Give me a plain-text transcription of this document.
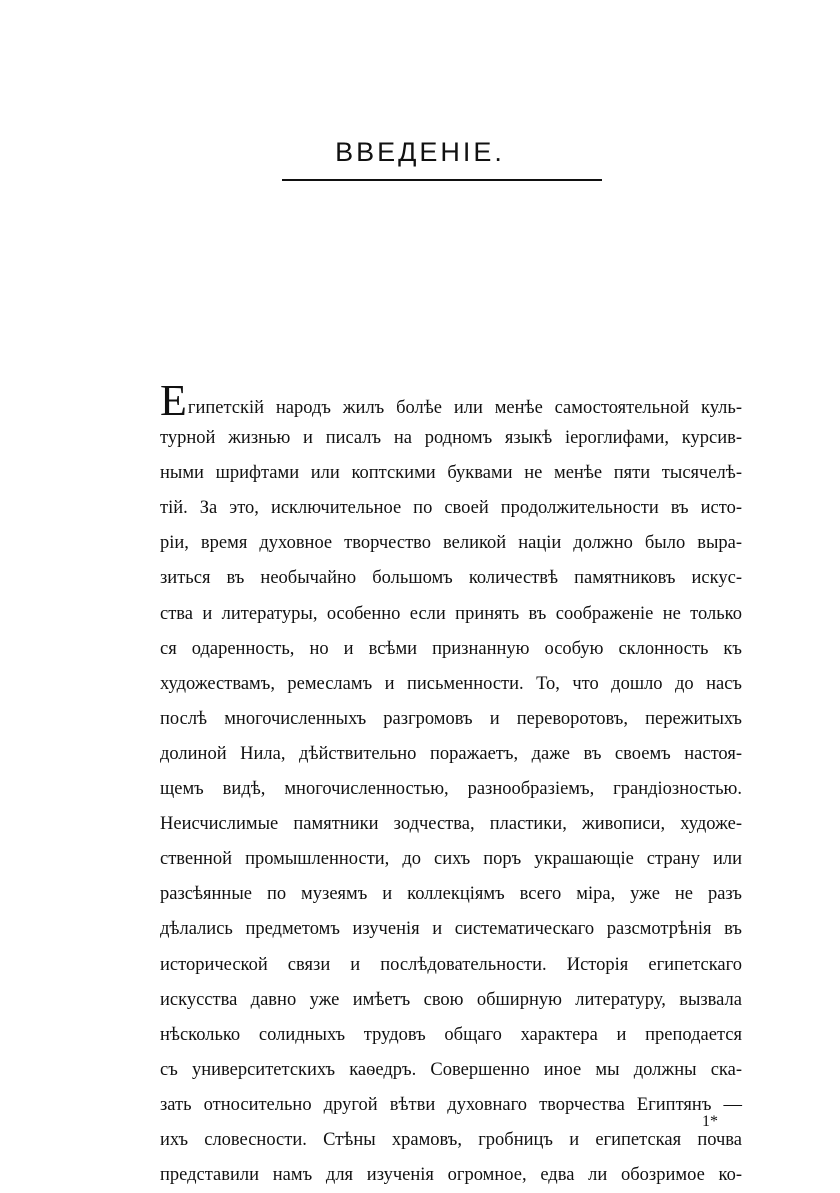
ВВЕДЕНІЕ.
Египетскій народъ жилъ болѣе или менѣе самостоятельной куль-
турной жизнью и писалъ на родномъ языкѣ іероглифами, курсив-
ными шрифтами или коптскими буквами не менѣе пяти тысячелѣ-
тій. За это, исключительное по своей продолжительности въ исто-
ріи, время духовное творчество великой націи должно было выра-
зиться въ необычайно большомъ количествѣ памятниковъ искус-
ства и литературы, особенно если принять въ соображеніе не только
ся одаренность, но и всѣми признанную особую склонность къ
художествамъ, ремесламъ и письменности. То, что дошло до насъ
послѣ многочисленныхъ разгромовъ и переворотовъ, пережитыхъ
долиной Нила, дѣйствительно поражаетъ, даже въ своемъ настоя-
щемъ видѣ, многочисленностью, разнообразіемъ, грандіозностью.
Неисчислимые памятники зодчества, пластики, живописи, художе-
ственной промышленности, до сихъ поръ украшающіе страну или
разсѣянные по музеямъ и коллекціямъ всего міра, уже не разъ
дѣлались предметомъ изученія и систематическаго разсмотрѣнія въ
исторической связи и послѣдовательности. Исторія египетскаго
искусства давно уже имѣетъ свою обширную литературу, вызвала
нѣсколько солидныхъ трудовъ общаго характера и преподается
съ университетскихъ каѳедръ. Совершенно иное мы должны ска-
зать относительно другой вѣтви духовнаго творчества Египтянъ —
ихъ словесности. Стѣны храмовъ, гробницъ и египетская почва
представили намъ для изученія огромное, едва ли обозримое ко-
1*
